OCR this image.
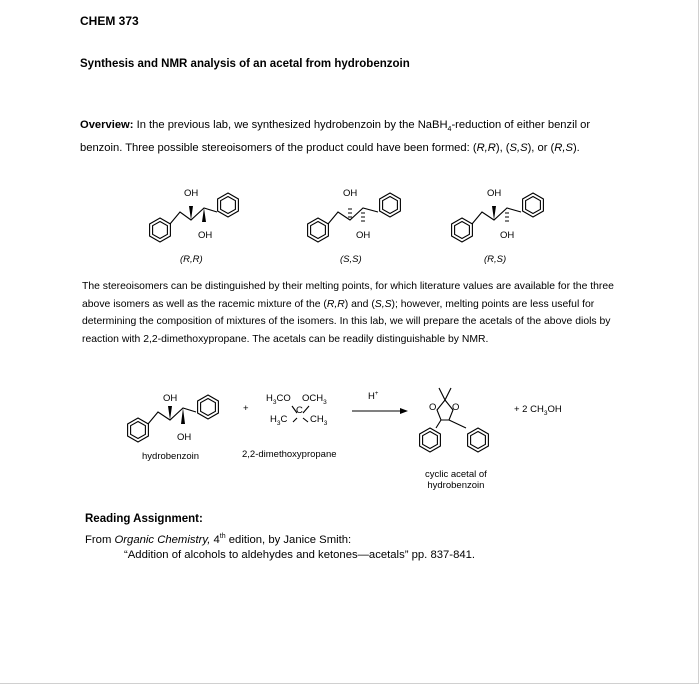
CHEM 373
Synthesis and NMR analysis of an acetal from hydrobenzoin
Overview: In the previous lab, we synthesized hydrobenzoin by the NaBH$_4$-reduction of either benzil or benzoin. Three possible stereoisomers of the product could have been formed: (R,R), (S,S), or (R,S).
OH
OH
(R,R)
OH
OH
(S,S)
OH
OH
(R,S)
The stereoisomers can be distinguished by their melting points, for which literature values are available for the three above isomers as well as the racemic mixture of the (R,R) and (S,S); however, melting points are less useful for determining the composition of mixtures of the isomers. In this lab, we will prepare the acetals of the above diols by reaction with 2,2-dimethoxypropane. The acetals can be readily distinguishable by NMR.
OH
OH
hydrobenzoin
+
$H_3CO$ $OCH_3$
C
$H_3C$ $CH_3$
2,2-dimethoxypropane
H+
O O
cyclic acetal of
hydrobenzoin
+ 2 $CH_3OH$
Reading Assignment:
From Organic Chemistry, 4th edition, by Janice Smith:
“Addition of alcohols to aldehydes and ketones—acetals” pp. 837-841.
